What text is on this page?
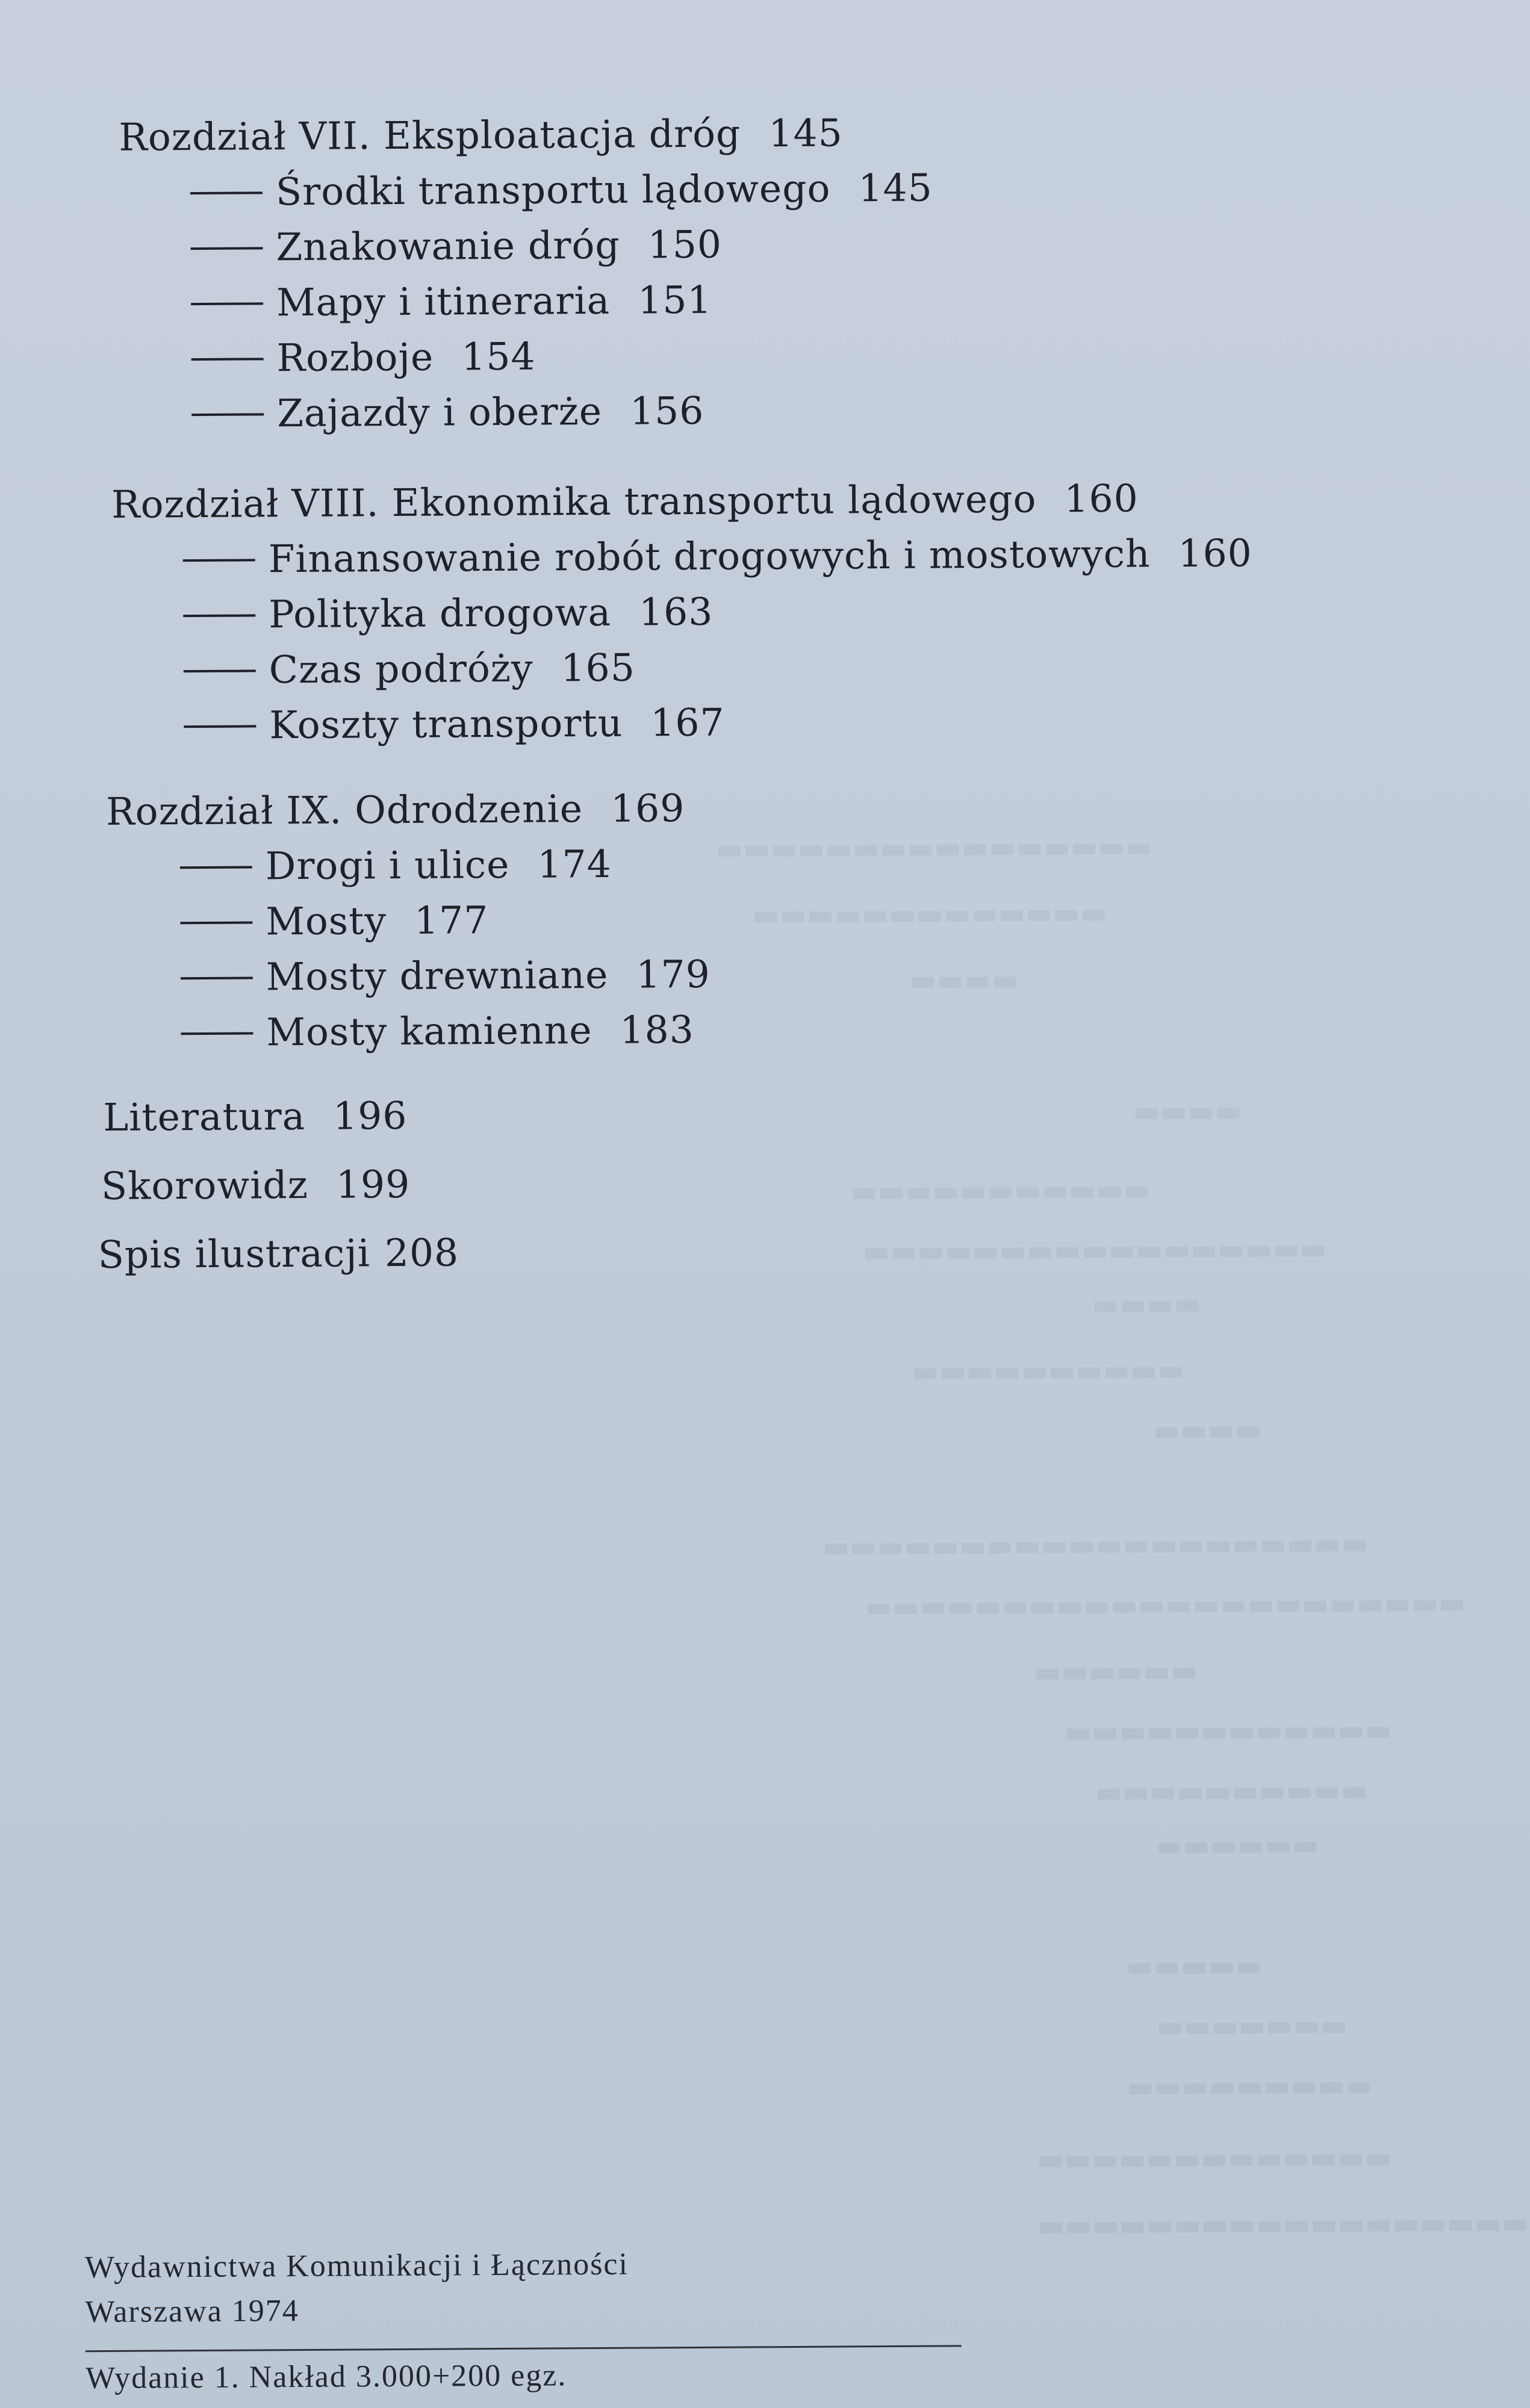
▬▬▬▬▬▬▬▬▬▬▬▬▬▬▬▬
▬▬▬▬▬▬▬▬▬▬▬▬▬
▬▬▬▬
▬▬▬▬
▬▬▬▬▬▬▬▬▬▬▬
▬▬▬▬▬▬▬▬▬▬▬▬▬▬▬▬▬
▬▬▬▬
▬▬▬▬▬▬▬▬▬▬
▬▬▬▬
▬▬▬▬▬▬▬▬▬▬▬▬▬▬▬▬▬▬▬▬
▬▬▬▬▬▬▬▬▬▬▬▬▬▬▬▬▬▬▬▬▬▬
▬▬▬▬▬▬
▬▬▬▬▬▬▬▬▬▬▬▬
▬▬▬▬▬▬▬▬▬▬
▬▬▬▬▬▬
▬▬▬▬▬
▬▬▬▬▬▬▬
▬▬▬▬▬▬▬▬▬
▬▬▬▬▬▬▬▬▬▬▬▬▬
▬▬▬▬▬▬▬▬▬▬▬▬▬▬▬▬▬▬
Rozdział VII. Eksploatacja dróg 145
Środki transportu lądowego 145
Znakowanie dróg 150
Mapy i itineraria 151
Rozboje 154
Zajazdy i oberże 156
Rozdział VIII. Ekonomika transportu lądowego 160
Finansowanie robót drogowych i mostowych 160
Polityka drogowa 163
Czas podróży 165
Koszty transportu 167
Rozdział IX. Odrodzenie 169
Drogi i ulice 174
Mosty 177
Mosty drewniane 179
Mosty kamienne 183
Literatura 196
Skorowidz 199
Spis ilustracji 208
Wydawnictwa Komunikacji i Łączności
Warszawa 1974
Wydanie 1. Nakład 3.000+200 egz.
